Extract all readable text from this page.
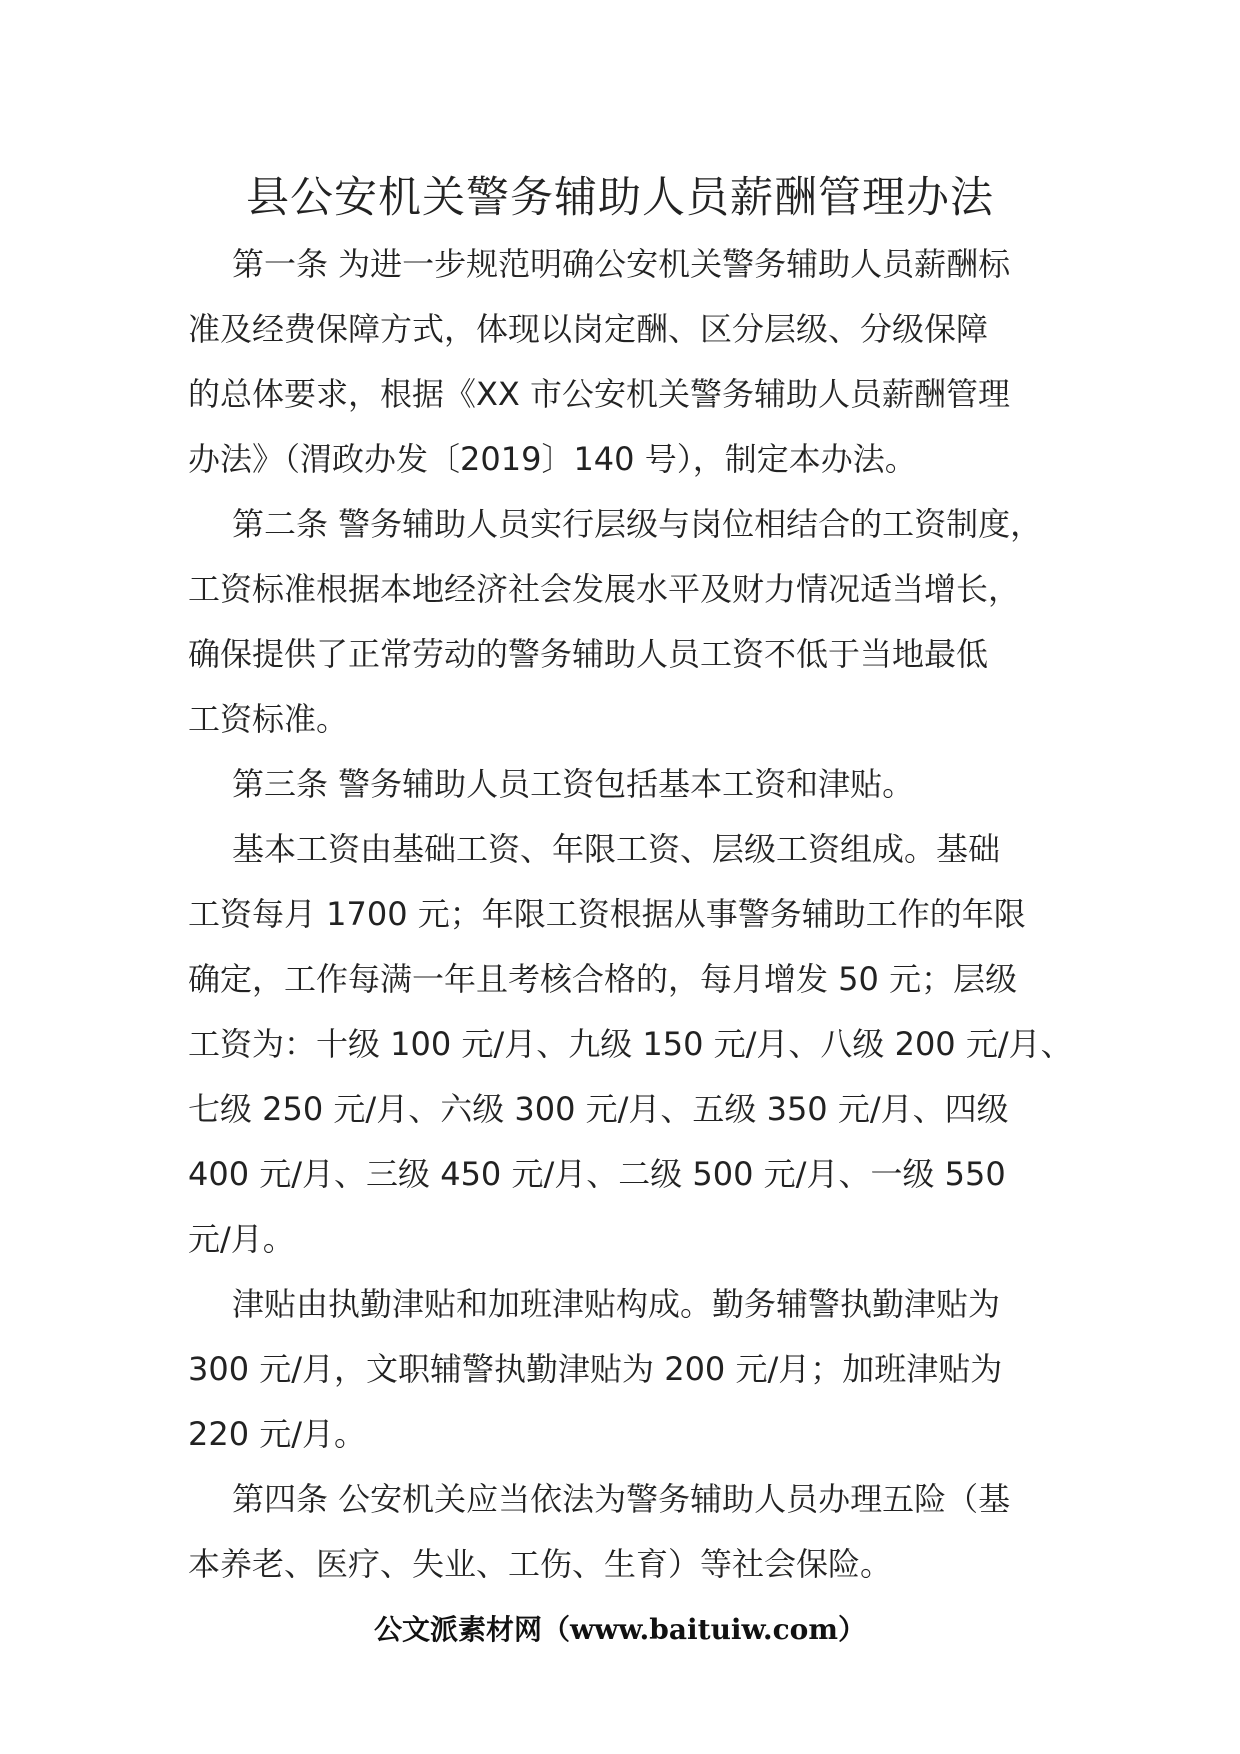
县公安机关警务辅助人员薪酬管理办法
第一条 为进一步规范明确公安机关警务辅助人员薪酬标
准及经费保障方式，体现以岗定酬、区分层级、分级保障
的总体要求，根据《XX 市公安机关警务辅助人员薪酬管理
办法》（渭政办发〔2019〕140 号），制定本办法。
第二条 警务辅助人员实行层级与岗位相结合的工资制度，
工资标准根据本地经济社会发展水平及财力情况适当增长，
确保提供了正常劳动的警务辅助人员工资不低于当地最低
工资标准。
第三条 警务辅助人员工资包括基本工资和津贴。
基本工资由基础工资、年限工资、层级工资组成。基础
工资每月 1700 元；年限工资根据从事警务辅助工作的年限
确定，工作每满一年且考核合格的，每月增发 50 元；层级
工资为：十级 100 元/月、九级 150 元/月、八级 200 元/月、
七级 250 元/月、六级 300 元/月、五级 350 元/月、四级
400 元/月、三级 450 元/月、二级 500 元/月、一级 550
元/月。
津贴由执勤津贴和加班津贴构成。勤务辅警执勤津贴为
300 元/月，文职辅警执勤津贴为 200 元/月；加班津贴为
220 元/月。
第四条 公安机关应当依法为警务辅助人员办理五险（基
本养老、医疗、失业、工伤、生育）等社会保险。
公文派素材网（www.baituiw.com）
